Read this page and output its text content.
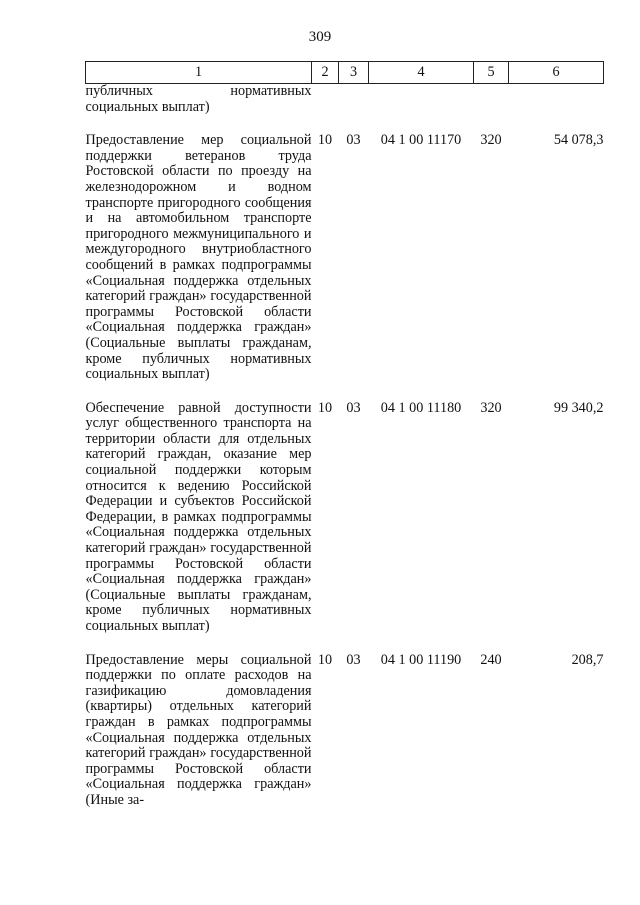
309
1	2	3	4	5	6
публичных нормативных социальных выплат)					
Предоставление мер социальной поддержки ветеранов труда Ростовской области по проезду на железнодорожном и водном транспорте пригородного сообщения и на автомобильном транспорте пригородного межмуниципального и междугородного внутриобластного сообщений в рамках подпрограммы «Социальная поддержка отдельных категорий граждан» государственной программы Ростовской области «Социальная поддержка граждан» (Социальные выплаты гражданам, кроме публичных нормативных социальных выплат)	10	03	04 1 00 11170	320	54 078,3
Обеспечение равной доступности услуг общественного транспорта на территории области для отдельных категорий граждан, оказание мер социальной поддержки которым относится к ведению Российской Федерации и субъектов Российской Федерации, в рамках подпрограммы «Социальная поддержка отдельных категорий граждан» государственной программы Ростовской области «Социальная поддержка граждан» (Социальные выплаты гражданам, кроме публичных нормативных социальных выплат)	10	03	04 1 00 11180	320	99 340,2
Предоставление меры социальной поддержки по оплате расходов на газификацию домовладения (квартиры) отдельных категорий граждан в рамках подпрограммы «Социальная поддержка отдельных категорий граждан» государственной программы Ростовской области «Социальная поддержка граждан» (Иные за-	10	03	04 1 00 11190	240	208,7
